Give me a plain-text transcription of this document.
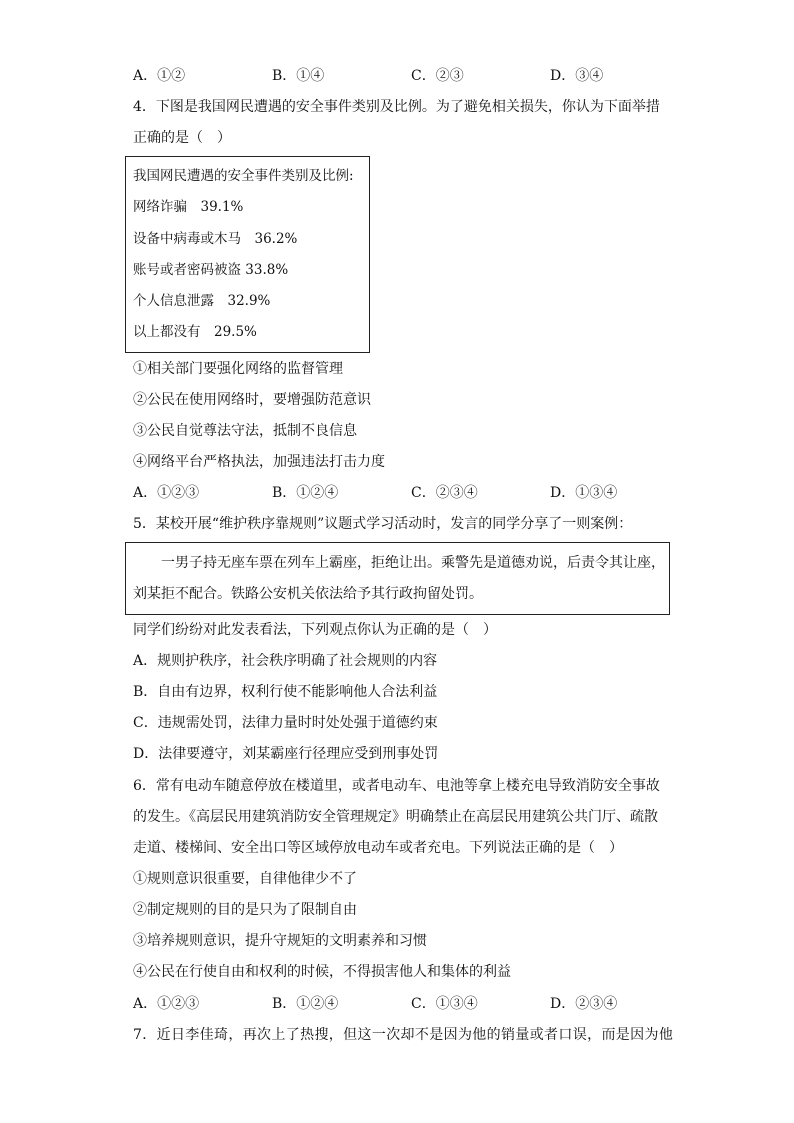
A．①②	B．①④	C．②③	D．③④
4．下图是我国网民遭遇的安全事件类别及比例。为了避免相关损失，你认为下面举措
正确的是（　）
我国网民遭遇的安全事件类别及比例:
网络诈骗　39.1%
设备中病毒或木马　36.2%
账号或者密码被盗 33.8%
个人信息泄露　32.9%
以上都没有　29.5%
①相关部门要强化网络的监督管理
②公民在使用网络时，要增强防范意识
③公民自觉尊法守法，抵制不良信息
④网络平台严格执法，加强违法打击力度
A．①②③	B．①②④	C．②③④	D．①③④
5．某校开展“维护秩序靠规则”议题式学习活动时，发言的同学分享了一则案例：
一男子持无座车票在列车上霸座，拒绝让出。乘警先是道德劝说，后责令其让座，
刘某拒不配合。铁路公安机关依法给予其行政拘留处罚。
同学们纷纷对此发表看法，下列观点你认为正确的是（　）
A．规则护秩序，社会秩序明确了社会规则的内容
B．自由有边界，权利行使不能影响他人合法利益
C．违规需处罚，法律力量时时处处强于道德约束
D．法律要遵守，刘某霸座行径理应受到刑事处罚
6．常有电动车随意停放在楼道里，或者电动车、电池等拿上楼充电导致消防安全事故
的发生。《高层民用建筑消防安全管理规定》明确禁止在高层民用建筑公共门厅、疏散
走道、楼梯间、安全出口等区域停放电动车或者充电。下列说法正确的是（　）
①规则意识很重要，自律他律少不了
②制定规则的目的是只为了限制自由
③培养规则意识，提升守规矩的文明素养和习惯
④公民在行使自由和权利的时候，不得损害他人和集体的利益
A．①②③	B．①②④	C．①③④	D．②③④
7．近日李佳琦，再次上了热搜，但这一次却不是因为他的销量或者口误，而是因为他
